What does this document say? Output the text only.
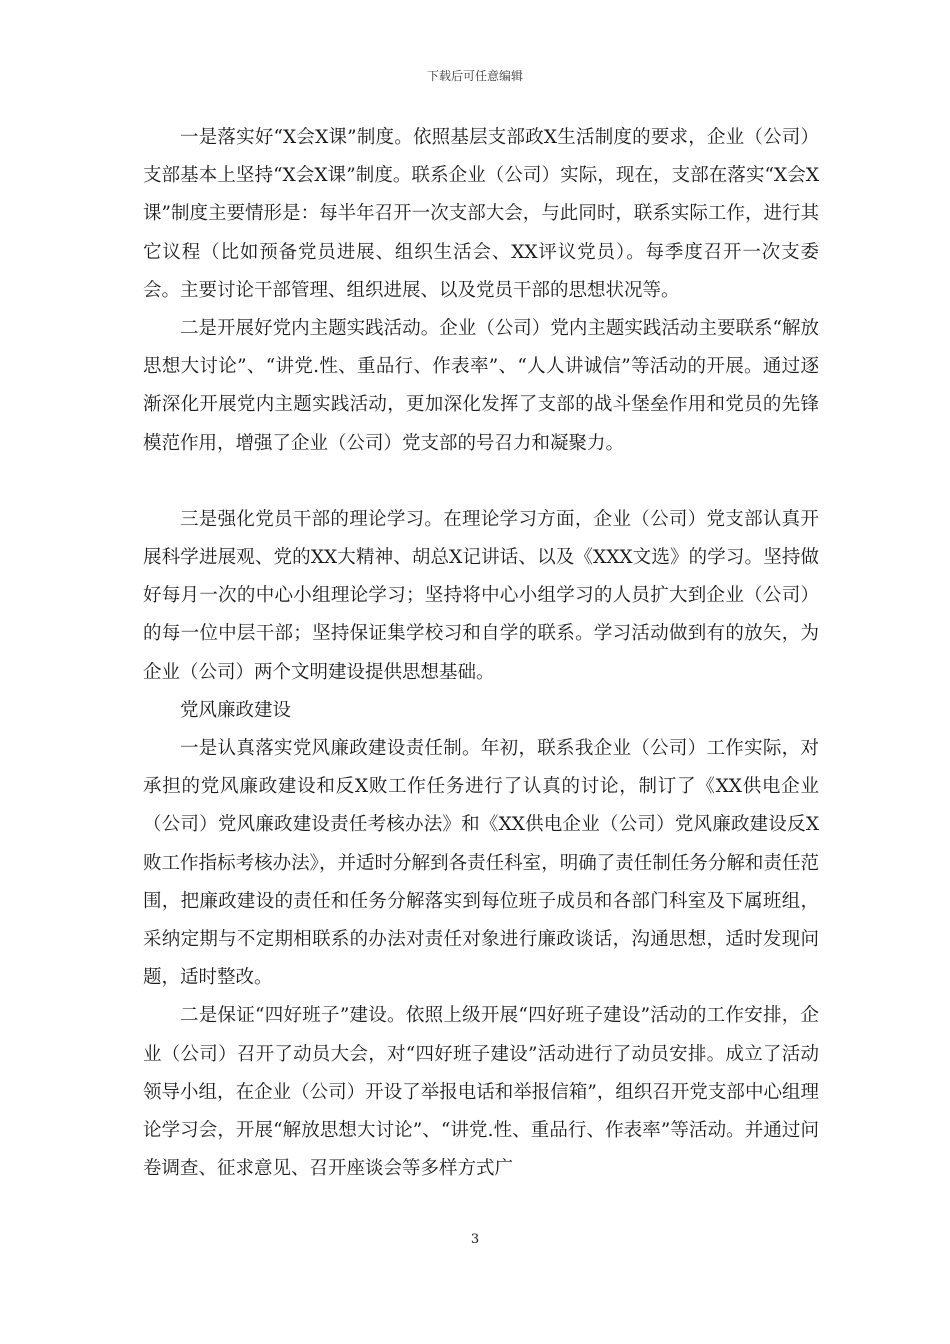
下载后可任意编辑

一是落实好“X会X课”制度。依照基层支部政X生活制度的要求，企业（公司）支部基本上坚持“X会X课”制度。联系企业（公司）实际，现在，支部在落实“X会X课”制度主要情形是：每半年召开一次支部大会，与此同时，联系实际工作，进行其它议程（比如预备党员进展、组织生活会、XX评议党员）。每季度召开一次支委会。主要讨论干部管理、组织进展、以及党员干部的思想状况等。

二是开展好党内主题实践活动。企业（公司）党内主题实践活动主要联系“解放思想大讨论”、“讲党.性、重品行、作表率”、“人人讲诚信”等活动的开展。通过逐渐深化开展党内主题实践活动，更加深化发挥了支部的战斗堡垒作用和党员的先锋模范作用，增强了企业（公司）党支部的号召力和凝聚力。

三是强化党员干部的理论学习。在理论学习方面，企业（公司）党支部认真开展科学进展观、党的XX大精神、胡总X记讲话、以及《XXX文选》的学习。坚持做好每月一次的中心小组理论学习；坚持将中心小组学习的人员扩大到企业（公司）的每一位中层干部；坚持保证集学校习和自学的联系。学习活动做到有的放矢，为企业（公司）两个文明建设提供思想基础。

党风廉政建设

一是认真落实党风廉政建设责任制。年初，联系我企业（公司）工作实际，对承担的党风廉政建设和反X败工作任务进行了认真的讨论，制订了《XX供电企业（公司）党风廉政建设责任考核办法》和《XX供电企业（公司）党风廉政建设反X败工作指标考核办法》，并适时分解到各责任科室，明确了责任制任务分解和责任范围，把廉政建设的责任和任务分解落实到每位班子成员和各部门科室及下属班组，采纳定期与不定期相联系的办法对责任对象进行廉政谈话，沟通思想，适时发现问题，适时整改。

二是保证“四好班子”建设。依照上级开展“四好班子建设”活动的工作安排，企业（公司）召开了动员大会，对“四好班子建设”活动进行了动员安排。成立了活动领导小组，在企业（公司）开设了举报电话和举报信箱”，组织召开党支部中心组理论学习会，开展“解放思想大讨论”、“讲党.性、重品行、作表率”等活动。并通过问卷调查、征求意见、召开座谈会等多样方式广

3
